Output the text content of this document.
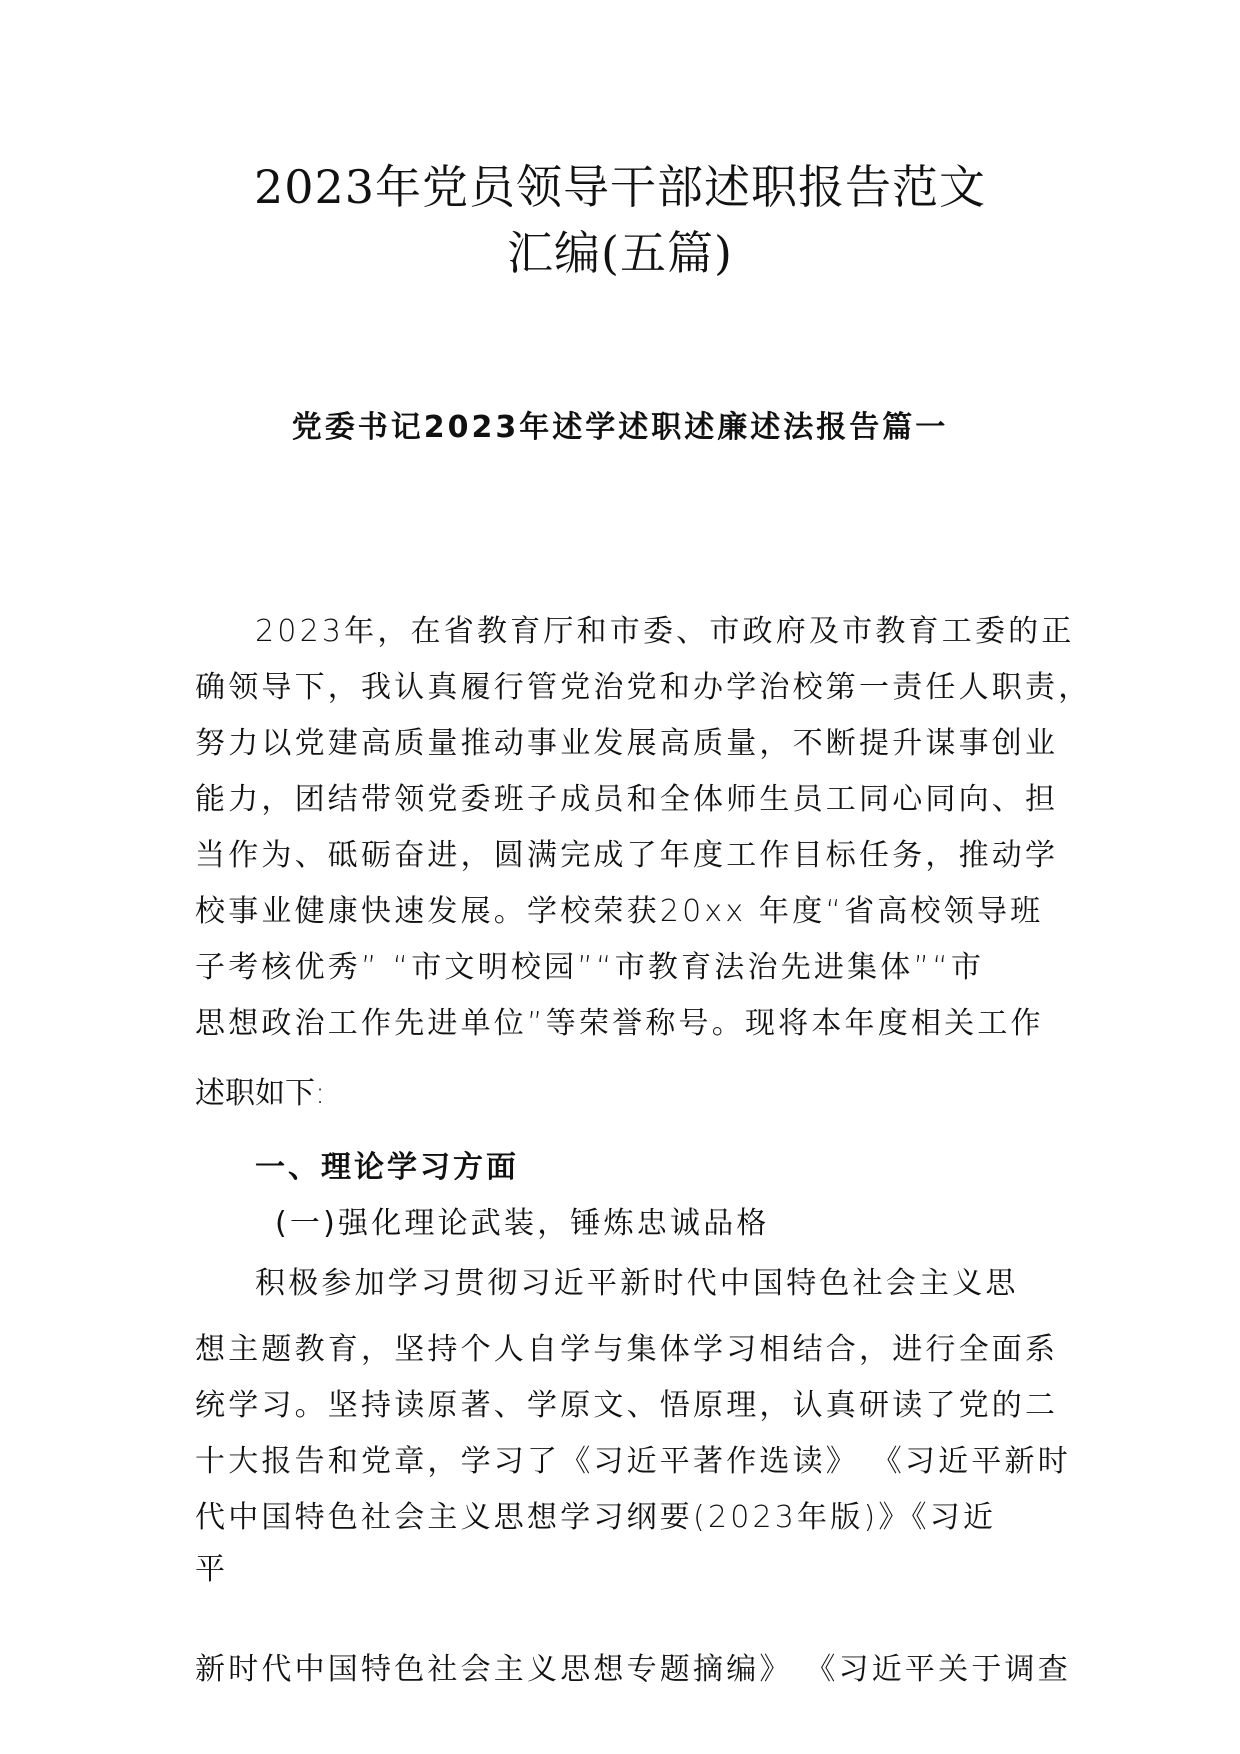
2023年党员领导干部述职报告范文
汇编(五篇)
党委书记2023年述学述职述廉述法报告篇一
2023年，在省教育厅和市委、市政府及市教育工委的正
确领导下，我认真履行管党治党和办学治校第一责任人职责，
努力以党建高质量推动事业发展高质量，不断提升谋事创业
能力，团结带领党委班子成员和全体师生员工同心同向、担
当作为、砥砺奋进，圆满完成了年度工作目标任务，推动学
校事业健康快速发展。学校荣获20xx 年度“省高校领导班
子考核优秀” “市文明校园”“市教育法治先进集体”“市
思想政治工作先进单位”等荣誉称号。现将本年度相关工作
述职如下:
一、理论学习方面
(一)强化理论武装，锤炼忠诚品格
积极参加学习贯彻习近平新时代中国特色社会主义思
想主题教育，坚持个人自学与集体学习相结合，进行全面系
统学习。坚持读原著、学原文、悟原理，认真研读了党的二
十大报告和党章，学习了《习近平著作选读》 《习近平新时
代中国特色社会主义思想学习纲要(2023年版)》《习近
平
新时代中国特色社会主义思想专题摘编》 《习近平关于调查
